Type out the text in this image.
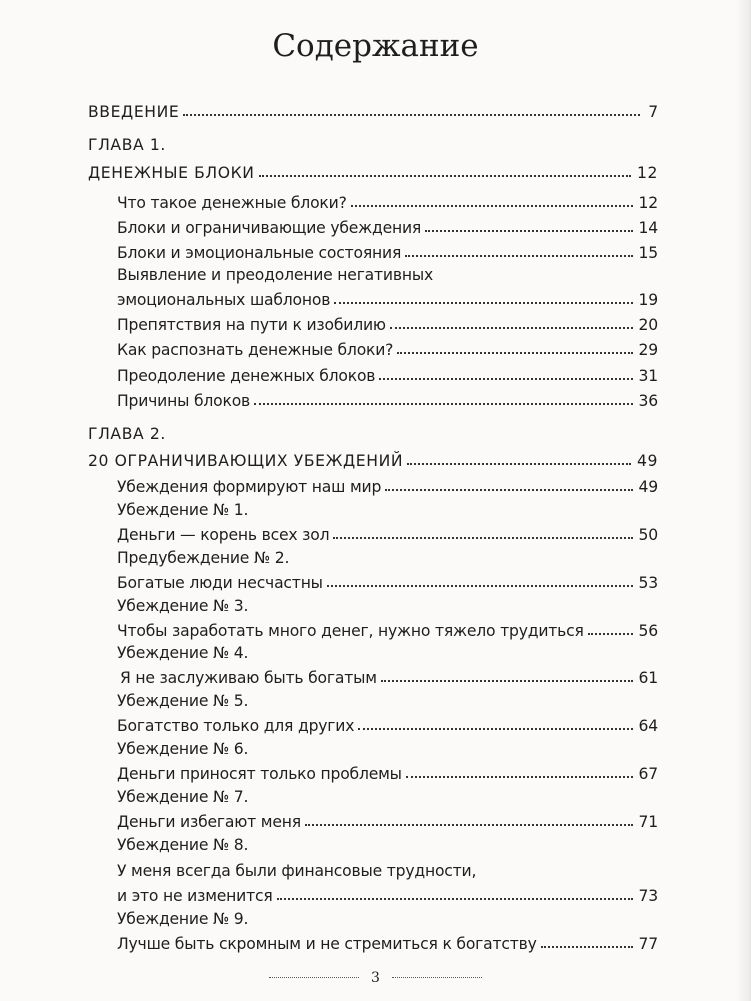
Содержание
ВВЕДЕНИЕ	7
ГЛАВА 1.
ДЕНЕЖНЫЕ БЛОКИ	12
Что такое денежные блоки?	12
Блоки и ограничивающие убеждения	14
Блоки и эмоциональные состояния	15
Выявление и преодоление негативных
эмоциональных шаблонов	19
Препятствия на пути к изобилию	20
Как распознать денежные блоки?	29
Преодоление денежных блоков	31
Причины блоков	36
ГЛАВА 2.
20 ОГРАНИЧИВАЮЩИХ УБЕЖДЕНИЙ	49
Убеждения формируют наш мир	49
Убеждение № 1.
Деньги — корень всех зол	50
Предубеждение № 2.
Богатые люди несчастны	53
Убеждение № 3.
Чтобы заработать много денег, нужно тяжело трудиться	56
Убеждение № 4.
Я не заслуживаю быть богатым	61
Убеждение № 5.
Богатство только для других	64
Убеждение № 6.
Деньги приносят только проблемы	67
Убеждение № 7.
Деньги избегают меня	71
Убеждение № 8.
У меня всегда были финансовые трудности,
и это не изменится	73
Убеждение № 9.
Лучше быть скромным и не стремиться к богатству	77
3
